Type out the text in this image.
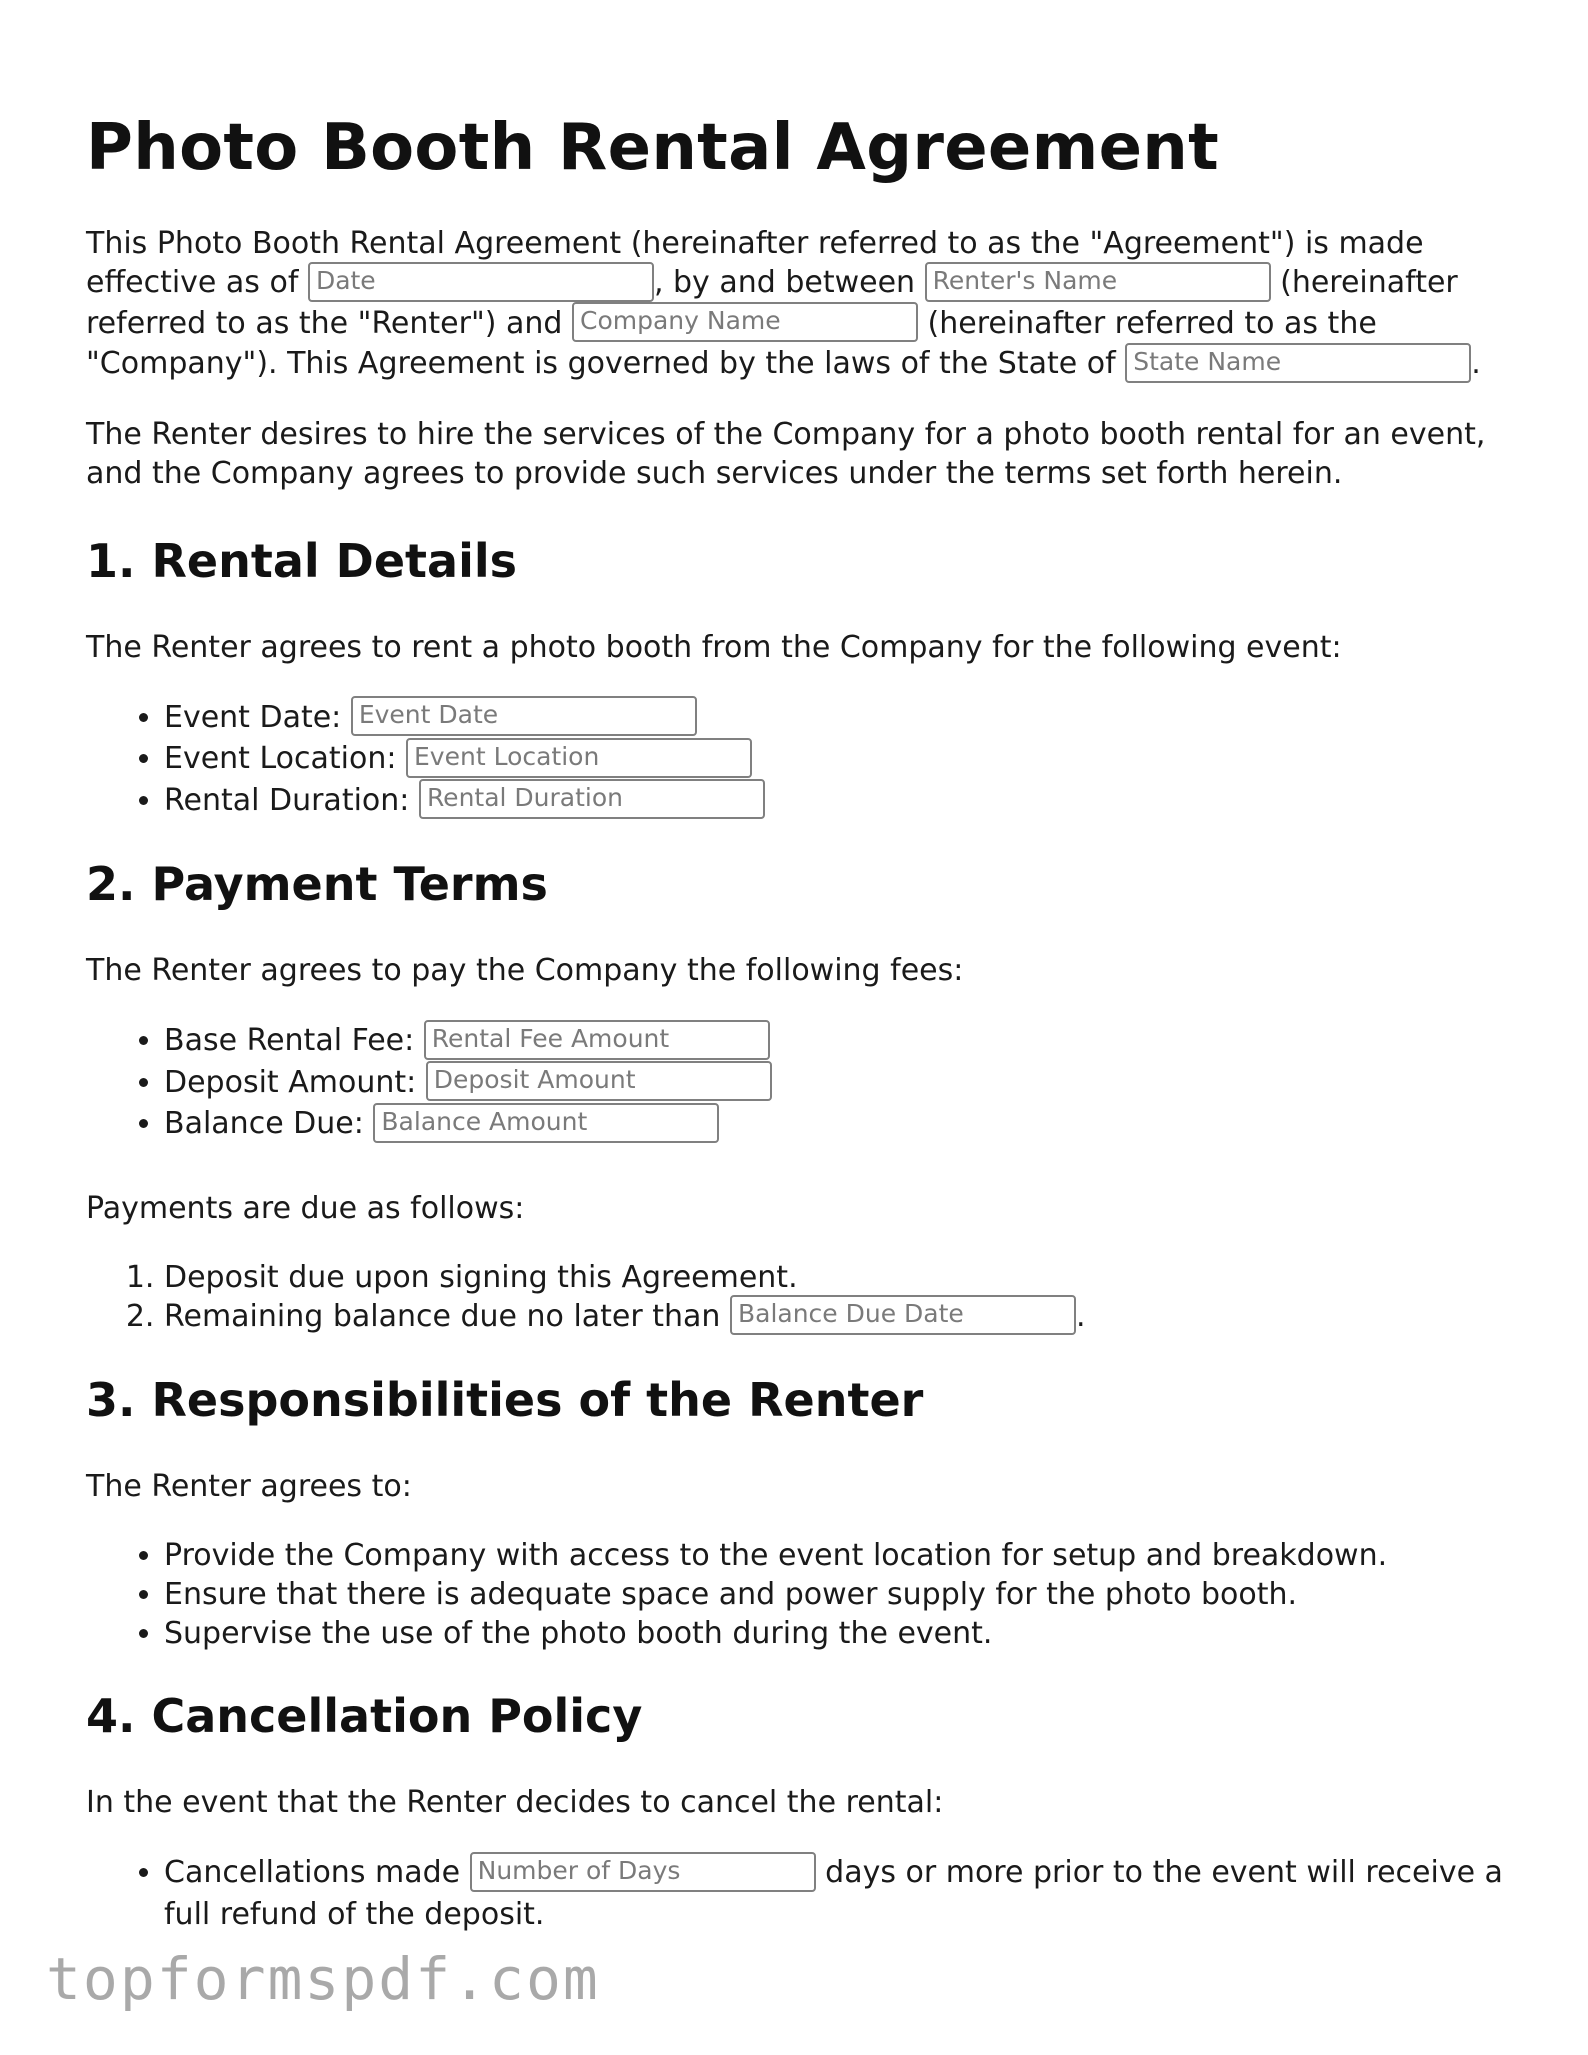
Photo Booth Rental Agreement

This Photo Booth Rental Agreement (hereinafter referred to as the "Agreement") is made effective as of Date	, by and between Renter's Name	(hereinafter referred to as the "Renter") and Company Name	(hereinafter referred to as the "Company"). This Agreement is governed by the laws of the State of State Name	.

The Renter desires to hire the services of the Company for a photo booth rental for an event, and the Company agrees to provide such services under the terms set forth herein.

1. Rental Details

The Renter agrees to rent a photo booth from the Company for the following event:

• Event Date: Event Date
• Event Location: Event Location
• Rental Duration: Rental Duration
2. Payment Terms

The Renter agrees to pay the Company the following fees:

• Base Rental Fee: Rental Fee Amount
• Deposit Amount: Deposit Amount
• Balance Due: Balance Amount

Payments are due as follows:

1. Deposit due upon signing this Agreement.
2. Remaining balance due no later than Balance Due Date	.
3. Responsibilities of the Renter

The Renter agrees to:

• Provide the Company with access to the event location for setup and breakdown.
• Ensure that there is adequate space and power supply for the photo booth.
• Supervise the use of the photo booth during the event.
4. Cancellation Policy

In the event that the Renter decides to cancel the rental:

• Cancellations made Number of Days	days or more prior to the event will receive a full refund of the deposit.
topformspdf.com
